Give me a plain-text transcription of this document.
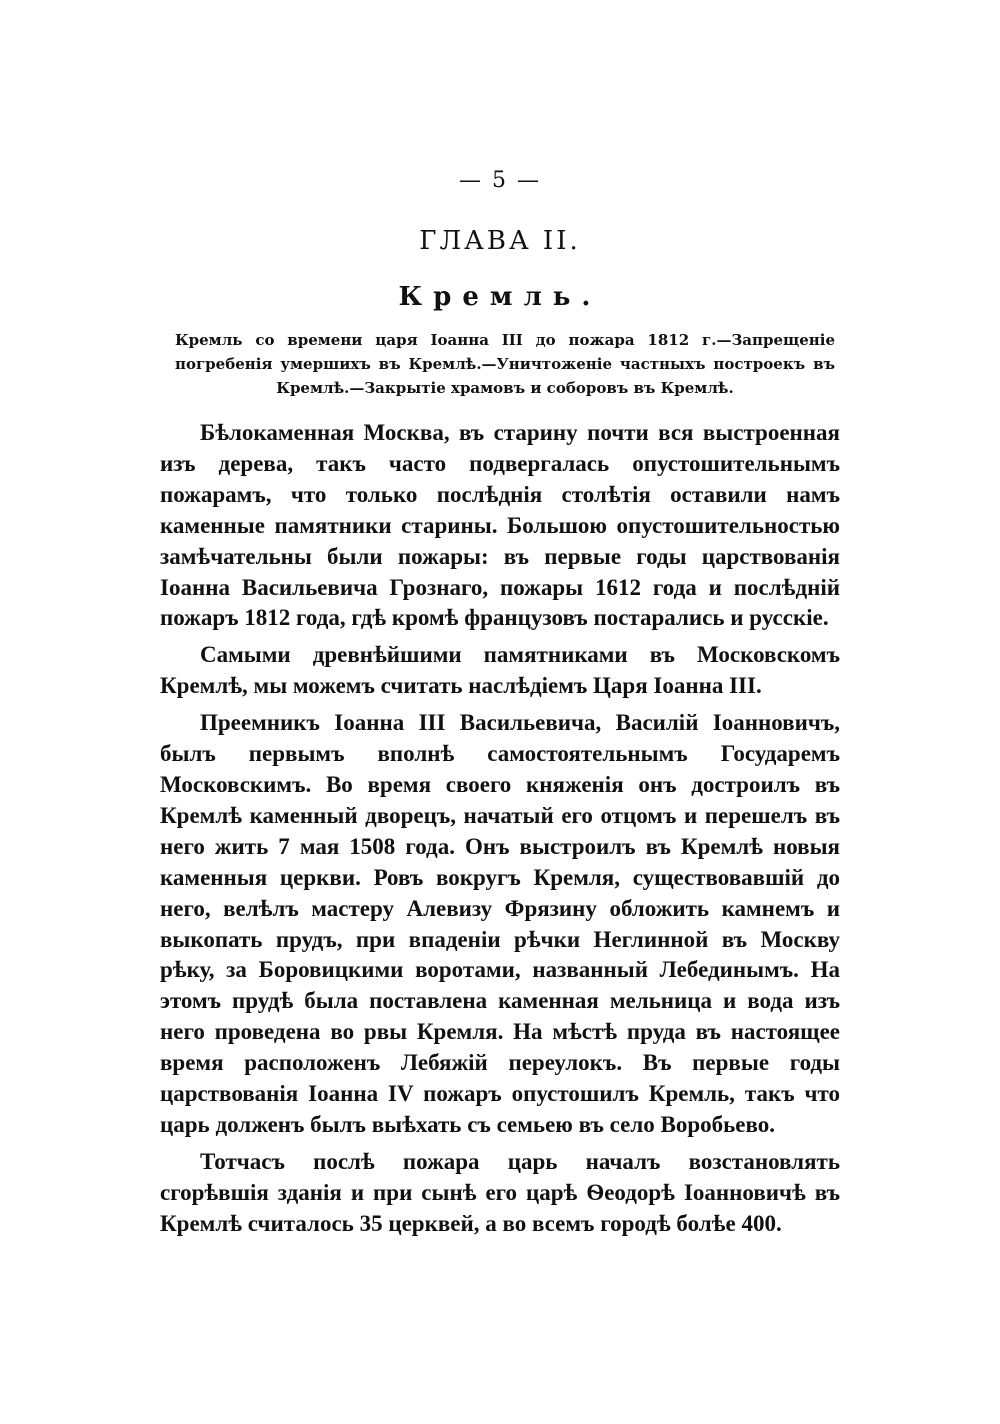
— 5 —
ГЛАВА II.
Кремль.
Кремль со времени царя Іоанна III до пожара 1812 г.—Запрещеніе погребенія умершихъ въ Кремлѣ.—Уничтоженіе частныхъ построекъ въ Кремлѣ.—Закрытіе храмовъ и соборовъ въ Кремлѣ.

Бѣлокаменная Москва, въ старину почти вся выстроенная изъ дерева, такъ часто подвергалась опустошительнымъ пожарамъ, что только послѣднія столѣтія оставили намъ каменные памятники старины. Большою опустошительностью замѣчательны были пожары: въ первые годы царствованія Іоанна Васильевича Грознаго, пожары 1612 года и послѣдній пожаръ 1812 года, гдѣ кромѣ французовъ постарались и русскіе.

Самыми древнѣйшими памятниками въ Московскомъ Кремлѣ, мы можемъ считать наслѣдіемъ Царя Іоанна III.

Преемникъ Іоанна III Васильевича, Василій Іоанновичъ, былъ первымъ вполнѣ самостоятельнымъ Государемъ Московскимъ. Во время своего княженія онъ достроилъ въ Кремлѣ каменный дворецъ, начатый его отцомъ и перешелъ въ него жить 7 мая 1508 года. Онъ выстроилъ въ Кремлѣ новыя каменныя церкви. Ровъ вокругъ Кремля, существовавшій до него, велѣлъ мастеру Алевизу Фрязину обложить камнемъ и выкопать прудъ, при впаденіи рѣчки Неглинной въ Москву рѣку, за Боровицкими воротами, названный Лебединымъ. На этомъ прудѣ была поставлена каменная мельница и вода изъ него проведена во рвы Кремля. На мѣстѣ пруда въ настоящее время расположенъ Лебяжій переулокъ. Въ первые годы царствованія Іоанна IV пожаръ опустошилъ Кремль, такъ что царь долженъ былъ выѣхать съ семьею въ село Воробьево.

Тотчасъ послѣ пожара царь началъ возстановлять сгорѣвшія зданія и при сынѣ его царѣ Ѳеодорѣ Іоанновичѣ въ Кремлѣ считалось 35 церквей, а во всемъ городѣ болѣе 400.
